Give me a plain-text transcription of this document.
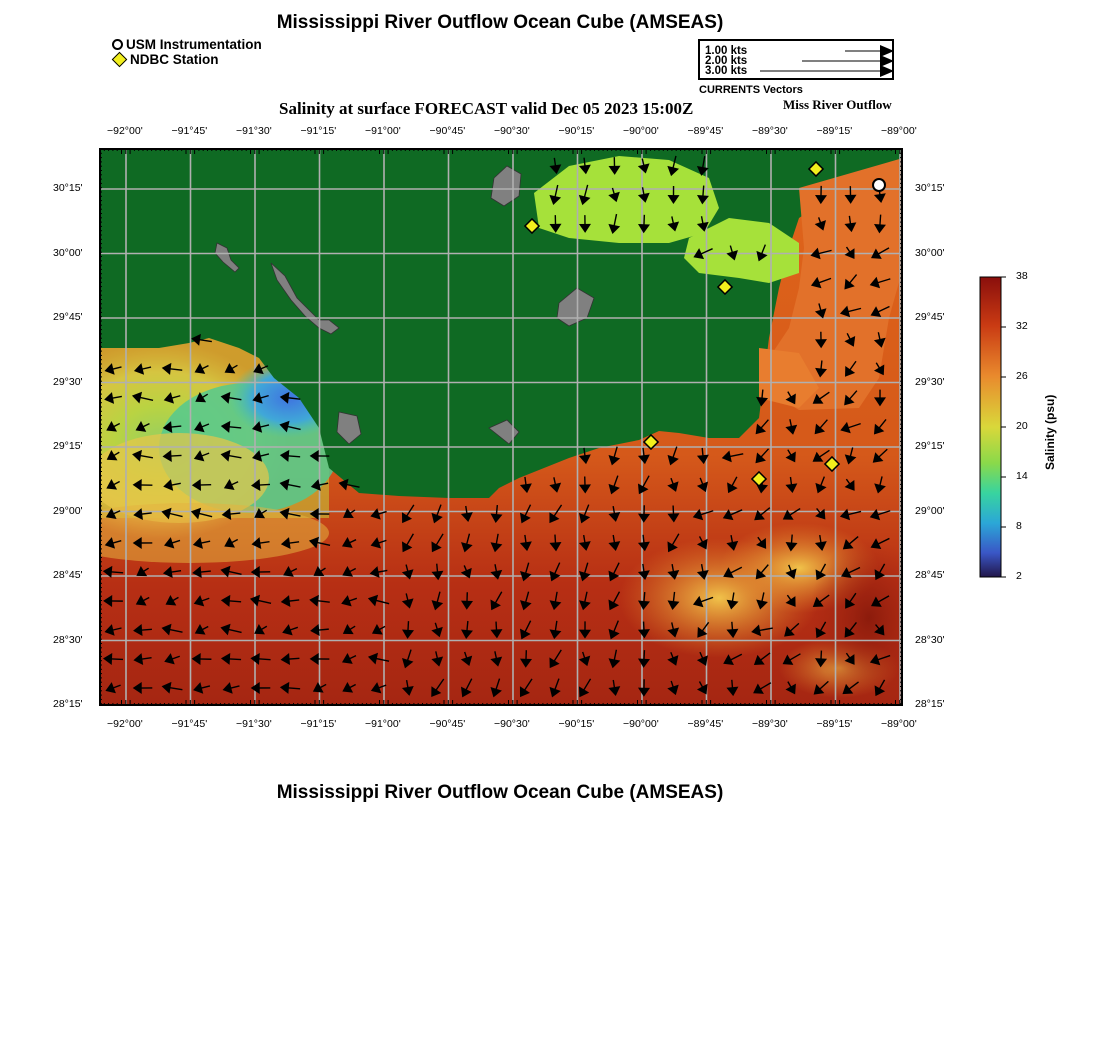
Mississippi River Outflow Ocean Cube (AMSEAS)
USM Instrumentation
NDBC Station
1.00 kts
2.00 kts
3.00 kts
CURRENTS Vectors
Salinity at surface FORECAST valid Dec 05 2023 15:00Z	Miss River Outflow
−92°00'
−92°00'
−91°45'
−91°45'
−91°30'
−91°30'
−91°15'
−91°15'
−91°00'
−91°00'
−90°45'
−90°45'
−90°30'
−90°30'
−90°15'
−90°15'
−90°00'
−90°00'
−89°45'
−89°45'
−89°30'
−89°30'
−89°15'
−89°15'
−89°00'
−89°00'
30°15'	30°15'
30°00'	30°00'
29°45'	29°45'
29°30'	29°30'
29°15'	29°15'
29°00'	29°00'
28°45'	28°45'
28°30'	28°30'
28°15'	28°15'
38
32
26
20
14
8
2
Salinity (psu)
Mississippi River Outflow Ocean Cube (AMSEAS)
